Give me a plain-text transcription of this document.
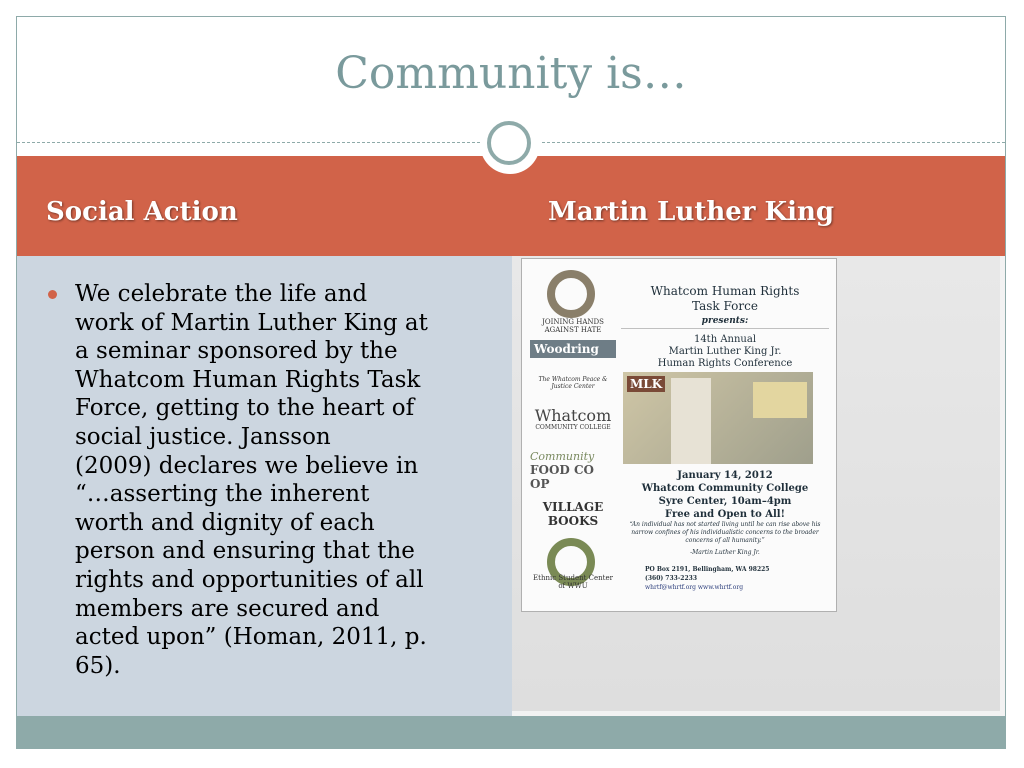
Community is…
Social Action	Martin Luther King
We celebrate the life and
work of Martin Luther King at
a seminar sponsored by the
Whatcom Human Rights Task
Force, getting to the heart of
social justice. Jansson
(2009) declares we believe in
“…asserting the inherent
worth and dignity of each
person and ensuring that the
rights and opportunities of all
members are secured and
acted upon” (Homan, 2011, p.
65).
JOINING HANDS AGAINST HATE
Woodring
The Whatcom Peace & Justice Center
Whatcom
COMMUNITY COLLEGE
Community
FOOD CO OP
VILLAGE BOOKS
Ethnic Student Center of WWU
Whatcom Human Rights
Task Force
presents:
14th Annual
Martin Luther King Jr.
Human Rights Conference
MLK
January 14, 2012
Whatcom Community College
Syre Center, 10am–4pm
Free and Open to All!
“An individual has not started living until he can rise above his narrow confines of his individualistic concerns to the broader concerns of all humanity.”
-Martin Luther King Jr.
PO Box 2191, Bellingham, WA 98225
(360) 733-2233
whrtf@whrtf.org www.whrtf.org
